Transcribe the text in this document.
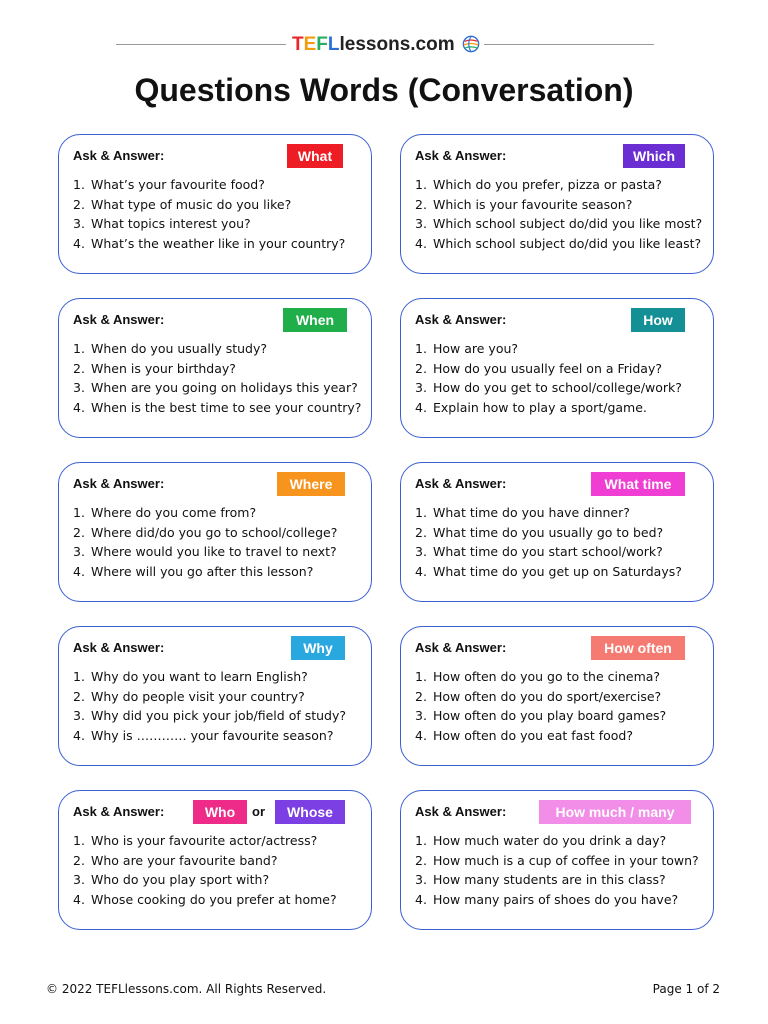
TEFLlessons.com
Questions Words (Conversation)
Ask & Answer:	What
1. What’s your favourite food?
2. What type of music do you like?
3. What topics interest you?
4. What’s the weather like in your country?
Ask & Answer:	Which
1. Which do you prefer, pizza or pasta?
2. Which is your favourite season?
3. Which school subject do/did you like most?
4. Which school subject do/did you like least?
Ask & Answer:	When
1. When do you usually study?
2. When is your birthday?
3. When are you going on holidays this year?
4. When is the best time to see your country?
Ask & Answer:	How
1. How are you?
2. How do you usually feel on a Friday?
3. How do you get to school/college/work?
4. Explain how to play a sport/game.
Ask & Answer:	Where
1. Where do you come from?
2. Where did/do you go to school/college?
3. Where would you like to travel to next?
4. Where will you go after this lesson?
Ask & Answer:	What time
1. What time do you have dinner?
2. What time do you usually go to bed?
3. What time do you start school/work?
4. What time do you get up on Saturdays?
Ask & Answer:	Why
1. Why do you want to learn English?
2. Why do people visit your country?
3. Why did you pick your job/field of study?
4. Why is ………… your favourite season?
Ask & Answer:	How often
1. How often do you go to the cinema?
2. How often do you do sport/exercise?
3. How often do you play board games?
4. How often do you eat fast food?
Ask & Answer:	Who	or	Whose
1. Who is your favourite actor/actress?
2. Who are your favourite band?
3. Who do you play sport with?
4. Whose cooking do you prefer at home?
Ask & Answer:	How much / many
1. How much water do you drink a day?
2. How much is a cup of coffee in your town?
3. How many students are in this class?
4. How many pairs of shoes do you have?
© 2022 TEFLlessons.com. All Rights Reserved.	Page 1 of 2
